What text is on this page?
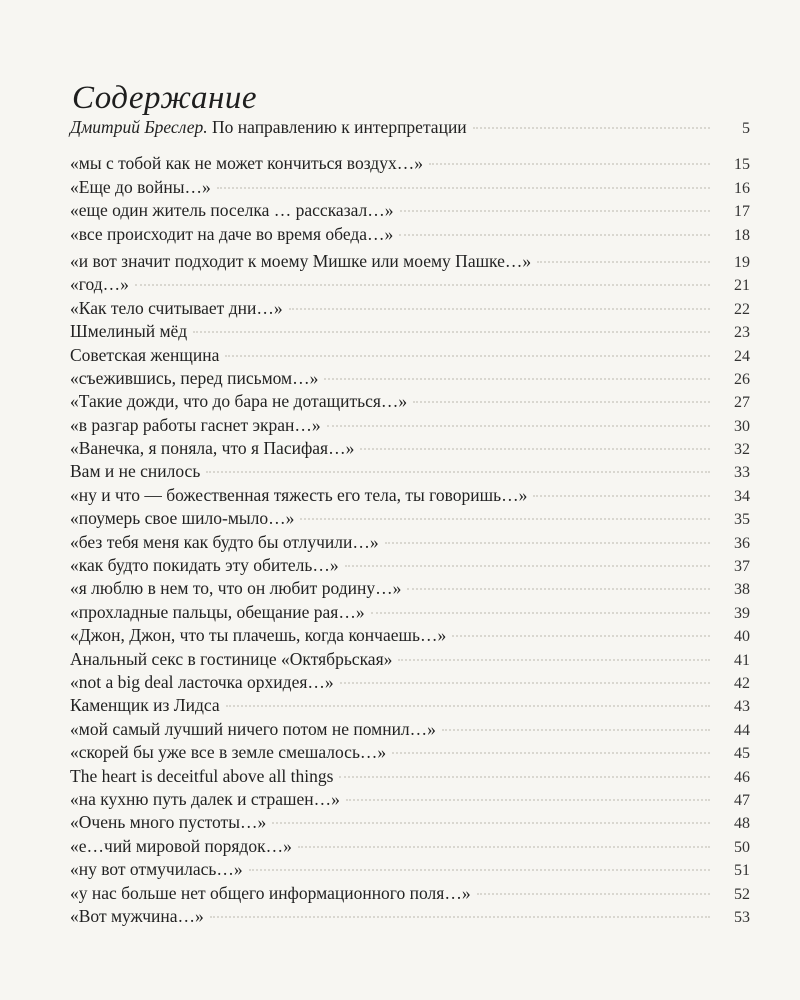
Содержание
Дмитрий Бреслер. По направлению к интерпретации	5
«мы с тобой как не может кончиться воздух…»	15
«Еще до войны…»	16
«еще один житель поселка … рассказал…»	17
«все происходит на даче во время обеда…»	18
«и вот значит подходит к моему Мишке или моему Пашке…»	19
«год…»	21
«Как тело считывает дни…»	22
Шмелиный мёд	23
Советская женщина	24
«съежившись, перед письмом…»	26
«Такие дожди, что до бара не дотащиться…»	27
«в разгар работы гаснет экран…»	30
«Ванечка, я поняла, что я Пасифая…»	32
Вам и не снилось	33
«ну и что — божественная тяжесть его тела, ты говоришь…»	34
«поумерь свое шило-мыло…»	35
«без тебя меня как будто бы отлучили…»	36
«как будто покидать эту обитель…»	37
«я люблю в нем то, что он любит родину…»	38
«прохладные пальцы, обещание рая…»	39
«Джон, Джон, что ты плачешь, когда кончаешь…»	40
Анальный секс в гостинице «Октябрьская»	41
«not a big deal ласточка орхидея…»	42
Каменщик из Лидса	43
«мой самый лучший ничего потом не помнил…»	44
«скорей бы уже все в земле смешалось…»	45
The heart is deceitful above all things	46
«на кухню путь далек и страшен…»	47
«Очень много пустоты…»	48
«е…чий мировой порядок…»	50
«ну вот отмучилась…»	51
«у нас больше нет общего информационного поля…»	52
«Вот мужчина…»	53
